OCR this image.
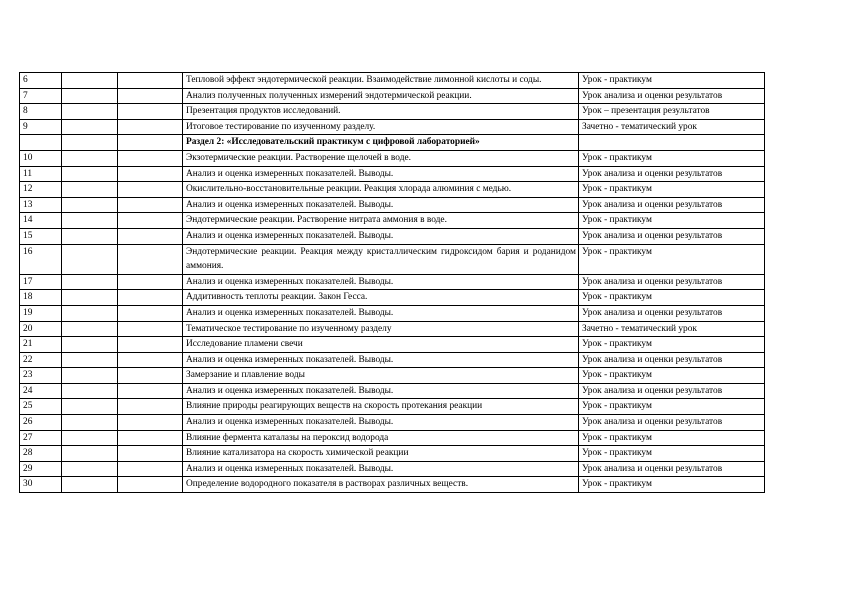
6			Тепловой эффект эндотермической реакции. Взаимодействие лимонной кислоты и соды.	Урок - практикум
7			Анализ полученных полученных измерений эндотермической реакции.	Урок анализа и оценки результатов
8			Презентация продуктов исследований.	Урок – презентация результатов
9			Итоговое тестирование по изученному разделу.	Зачетно - тематический урок
			Раздел 2: «Исследовательский практикум с цифровой лабораторией»	
10			Экзотермические реакции. Растворение щелочей в воде.	Урок - практикум
11			Анализ и оценка измеренных показателей. Выводы.	Урок анализа и оценки результатов
12			Окислительно-восстановительные реакции. Реакция хлорада алюминия с медью.	Урок - практикум
13			Анализ и оценка измеренных показателей. Выводы.	Урок анализа и оценки результатов
14			Эндотермические реакции. Растворение нитрата аммония в воде.	Урок - практикум
15			Анализ и оценка измеренных показателей. Выводы.	Урок анализа и оценки результатов
16			Эндотермические реакции. Реакция между кристаллическим гидроксидом бария и роданидом аммония.	Урок - практикум
17			Анализ и оценка измеренных показателей. Выводы.	Урок анализа и оценки результатов
18			Аддитивность теплоты реакции. Закон Гесса.	Урок - практикум
19			Анализ и оценка измеренных показателей. Выводы.	Урок анализа и оценки результатов
20			Тематическое тестирование по изученному разделу	Зачетно - тематический урок
21			Исследование пламени свечи	Урок - практикум
22			Анализ и оценка измеренных показателей. Выводы.	Урок анализа и оценки результатов
23			Замерзание и плавление воды	Урок - практикум
24			Анализ и оценка измеренных показателей. Выводы.	Урок анализа и оценки результатов
25			Влияние природы реагирующих веществ на скорость протекания реакции	Урок - практикум
26			Анализ и оценка измеренных показателей. Выводы.	Урок анализа и оценки результатов
27			Влияние фермента каталазы на пероксид водорода	Урок - практикум
28			Влияние катализатора на скорость химической реакции	Урок - практикум
29			Анализ и оценка измеренных показателей. Выводы.	Урок анализа и оценки результатов
30			Определение водородного показателя в растворах различных веществ.	Урок - практикум
